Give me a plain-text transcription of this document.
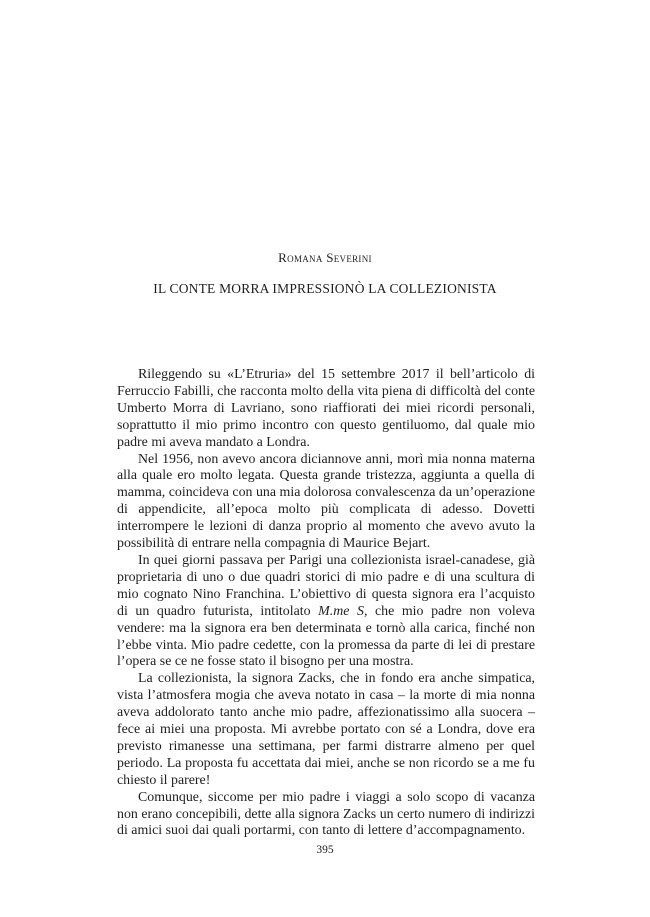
Romana Severini
IL CONTE MORRA IMPRESSIONÒ LA COLLEZIONISTA

Rileggendo su «L’Etruria» del 15 settembre 2017 il bell’articolo di Ferruccio Fabilli, che racconta molto della vita piena di difficoltà del conte Umberto Morra di Lavriano, sono riaffiorati dei miei ricordi personali, soprattutto il mio primo incontro con questo gentiluomo, dal quale mio padre mi aveva mandato a Londra.

Nel 1956, non avevo ancora diciannove anni, morì mia nonna materna alla quale ero molto legata. Questa grande tristezza, aggiunta a quella di mamma, coincideva con una mia dolorosa convalescenza da un’operazione di appendicite, all’epoca molto più complicata di adesso. Dovetti interrompere le lezioni di danza proprio al momento che avevo avuto la possibilità di entrare nella compagnia di Maurice Bejart.

In quei giorni passava per Parigi una collezionista israel-canadese, già proprietaria di uno o due quadri storici di mio padre e di una scultura di mio cognato Nino Franchina. L’obiettivo di questa signora era l’acquisto di un quadro futurista, intitolato M.me S, che mio padre non voleva vendere: ma la signora era ben determinata e tornò alla carica, finché non l’ebbe vinta. Mio padre cedette, con la promessa da parte di lei di prestare l’opera se ce ne fosse stato il bisogno per una mostra.

La collezionista, la signora Zacks, che in fondo era anche simpatica, vista l’atmosfera mogia che aveva notato in casa – la morte di mia nonna aveva addolorato tanto anche mio padre, affezionatissimo alla suocera – fece ai miei una proposta. Mi avrebbe portato con sé a Londra, dove era previsto rimanesse una settimana, per farmi distrarre almeno per quel periodo. La proposta fu accettata dai miei, anche se non ricordo se a me fu chiesto il parere!

Comunque, siccome per mio padre i viaggi a solo scopo di vacanza non erano concepibili, dette alla signora Zacks un certo numero di indirizzi di amici suoi dai quali portarmi, con tanto di lettere d’accompagnamento.

395
